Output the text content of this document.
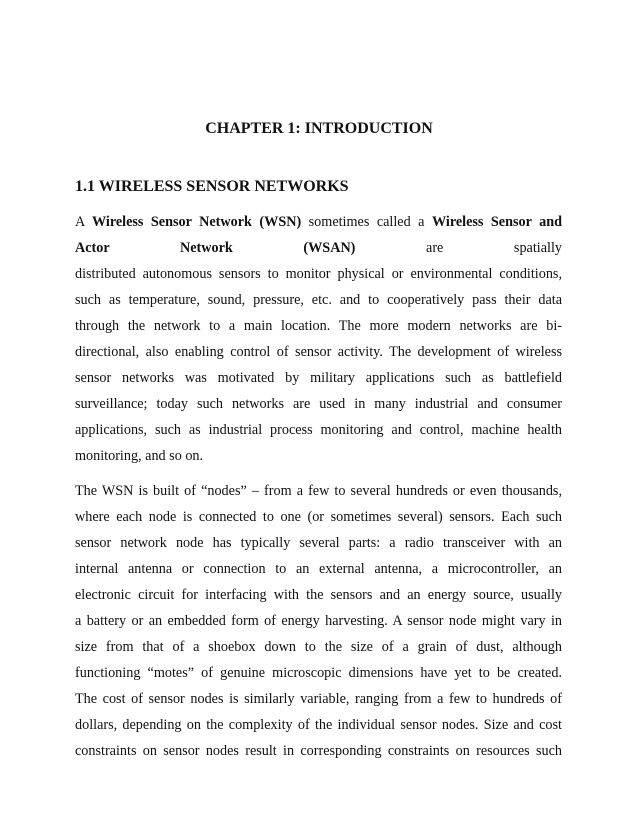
CHAPTER 1: INTRODUCTION
1.1 WIRELESS SENSOR NETWORKS
A Wireless Sensor Network (WSN) sometimes called a Wireless Sensor and
Actor Network (WSAN) are spatially
distributed autonomous sensors to monitor physical or environmental conditions,
such as temperature, sound, pressure, etc. and to cooperatively pass their data
through the network to a main location. The more modern networks are bi-
directional, also enabling control of sensor activity. The development of wireless
sensor networks was motivated by military applications such as battlefield
surveillance; today such networks are used in many industrial and consumer
applications, such as industrial process monitoring and control, machine health
monitoring, and so on.
The WSN is built of “nodes” – from a few to several hundreds or even thousands,
where each node is connected to one (or sometimes several) sensors. Each such
sensor network node has typically several parts: a radio transceiver with an
internal antenna or connection to an external antenna, a microcontroller, an
electronic circuit for interfacing with the sensors and an energy source, usually
a battery or an embedded form of energy harvesting. A sensor node might vary in
size from that of a shoebox down to the size of a grain of dust, although
functioning “motes” of genuine microscopic dimensions have yet to be created.
The cost of sensor nodes is similarly variable, ranging from a few to hundreds of
dollars, depending on the complexity of the individual sensor nodes. Size and cost
constraints on sensor nodes result in corresponding constraints on resources such
